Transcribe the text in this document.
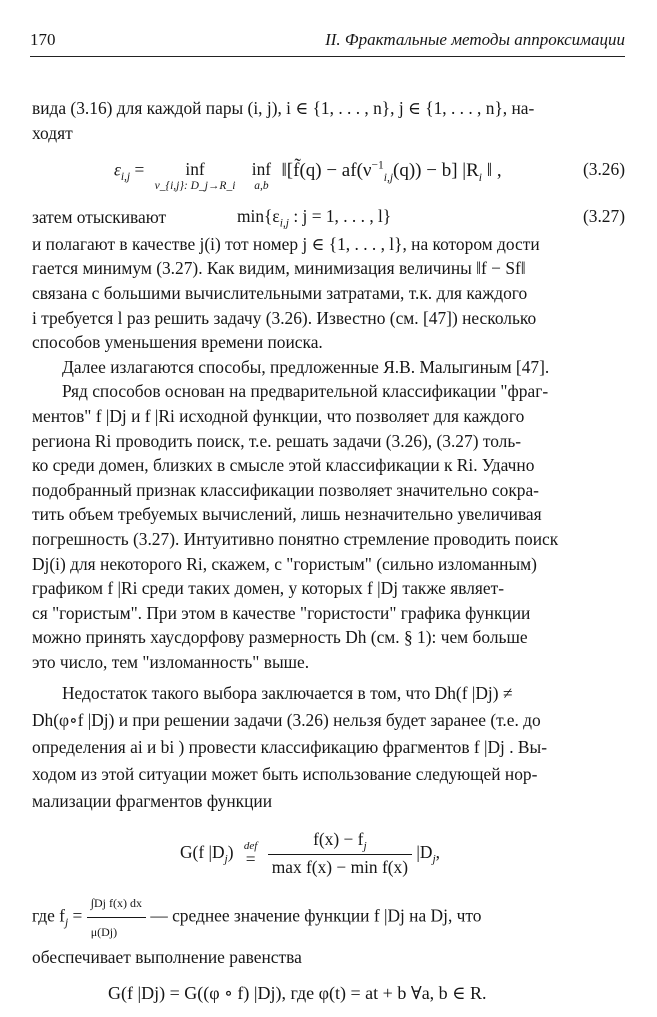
170	II. Фрактальные методы аппроксимации

вида (3.16) для каждой пары (i, j), i ∈ {1, . . . , n}, j ∈ {1, . . . , n}, на-
ходят

$\varepsilon_{i,j}$ =	inf
ν_{i,j}: D_j→R_i

inf
a,b
‖[f̃(q) − $af(\nu^{-1}_{i,j}(q)) - b$] $|R_i$ ‖ ,	(3.26)

затем отыскивают	$\min\{\varepsilon_{i,j}$ : j = 1, . . . , l}	(3.27)

и полагают в качестве j(i) тот номер j ∈ {1, . . . , l}, на котором дости
гается минимум (3.27). Как видим, минимизация величины ‖f − Sf‖
связана с большими вычислительными затратами, т.к. для каждого
i требуется l раз решить задачу (3.26). Известно (см. [47]) несколько
способов уменьшения времени поиска.

Далее излагаются способы, предложенные Я.В. Малыгиным [47].

Ряд способов основан на предварительной классификации "фраг-
ментов" f |Dj и f |Ri исходной функции, что позволяет для каждого
региона Ri проводить поиск, т.е. решать задачи (3.26), (3.27) толь-
ко среди домен, близких в смысле этой классификации к Ri. Удачно
подобранный признак классификации позволяет значительно сокра-
тить объем требуемых вычислений, лишь незначительно увеличивая
погрешность (3.27). Интуитивно понятно стремление проводить поиск
Dj(i) для некоторого Ri, скажем, с "гористым" (сильно изломанным)
графиком f |Ri среди таких домен, у которых f |Dj также являет-
ся "гористым". При этом в качестве "гористости" графика функции
можно принять хаусдорфову размерность Dh (см. § 1): чем больше
это число, тем "изломанность" выше.

Недостаток такого выбора заключается в том, что Dh(f |Dj) ≠
Dh(φ∘f |Dj) и при решении задачи (3.26) нельзя будет заранее (т.е. до
определения ai и bi ) провести классификацию фрагментов f |Dj . Вы-
ходом из этой ситуации может быть использование следующей нор-
мализации фрагментов функции

G(f $|D_j$) def
=
$\frac{f(x) - f_j}{\text{max f(x) − min f(x)}} |D_j$,

где $f_j = \frac{\text{∫Dj f(x) dx}}{\mu(Dj)}$ — среднее значение функции f |Dj на Dj, что
обеспечивает выполнение равенства

G(f |Dj) = G((φ ∘ f) |Dj), где φ(t) = at + b ∀a, b ∈ R.
